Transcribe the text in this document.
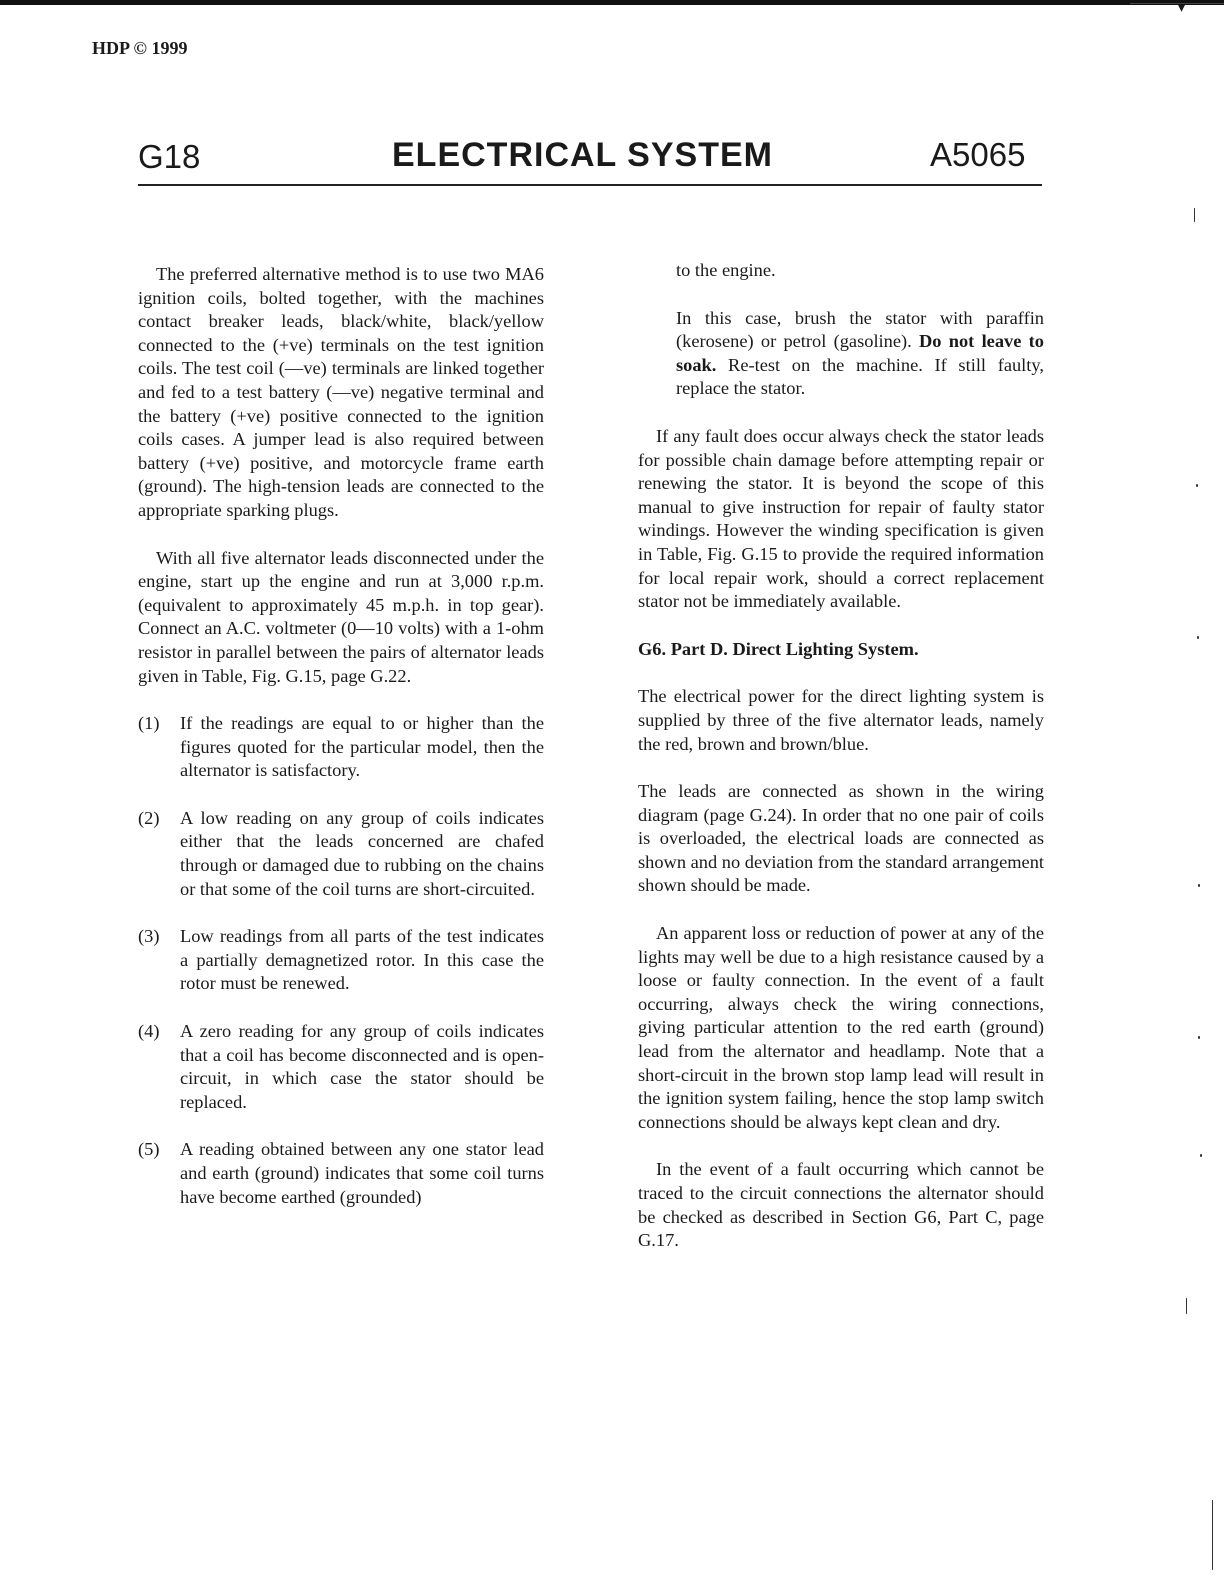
▾
HDP © 1999
G18	ELECTRICAL SYSTEM	A5065

The preferred alternative method is to use two MA6 ignition coils, bolted together, with the machines contact breaker leads, black/white, black/yellow connected to the (+ve) terminals on the test ignition coils. The test coil (—ve) terminals are linked together and fed to a test battery (—ve) negative terminal and the battery (+ve) positive connected to the ignition coils cases. A jumper lead is also required between battery (+ve) positive, and motorcycle frame earth (ground). The high-tension leads are connected to the appropriate sparking plugs.

With all five alternator leads disconnected under the engine, start up the engine and run at 3,000 r.p.m. (equivalent to approximately 45 m.p.h. in top gear). Connect an A.C. voltmeter (0—10 volts) with a 1-ohm resistor in parallel between the pairs of alternator leads given in Table, Fig. G.15, page G.22.

(1)	If the readings are equal to or higher than the figures quoted for the particular model, then the alternator is satisfactory.
(2)	A low reading on any group of coils indicates either that the leads concerned are chafed through or damaged due to rubbing on the chains or that some of the coil turns are short-circuited.
(3)	Low readings from all parts of the test indicates a partially demagnetized rotor. In this case the rotor must be renewed.
(4)	A zero reading for any group of coils indicates that a coil has become disconnected and is open-circuit, in which case the stator should be replaced.
(5)	A reading obtained between any one stator lead and earth (ground) indicates that some coil turns have become earthed (grounded)

to the engine.

In this case, brush the stator with paraffin (kerosene) or petrol (gasoline). Do not leave to soak. Re-test on the machine. If still faulty, replace the stator.

If any fault does occur always check the stator leads for possible chain damage before attempting repair or renewing the stator. It is beyond the scope of this manual to give instruction for repair of faulty stator windings. However the winding specification is given in Table, Fig. G.15 to provide the required information for local repair work, should a correct replacement stator not be immediately available.

G6. Part D. Direct Lighting System.

The electrical power for the direct lighting system is supplied by three of the five alternator leads, namely the red, brown and brown/blue.

The leads are connected as shown in the wiring diagram (page G.24). In order that no one pair of coils is overloaded, the electrical loads are connected as shown and no deviation from the standard arrangement shown should be made.

An apparent loss or reduction of power at any of the lights may well be due to a high resistance caused by a loose or faulty connection. In the event of a fault occurring, always check the wiring connections, giving particular attention to the red earth (ground) lead from the alternator and headlamp. Note that a short-circuit in the brown stop lamp lead will result in the ignition system failing, hence the stop lamp switch connections should be always kept clean and dry.

In the event of a fault occurring which cannot be traced to the circuit connections the alternator should be checked as described in Section G6, Part C, page G.17.
